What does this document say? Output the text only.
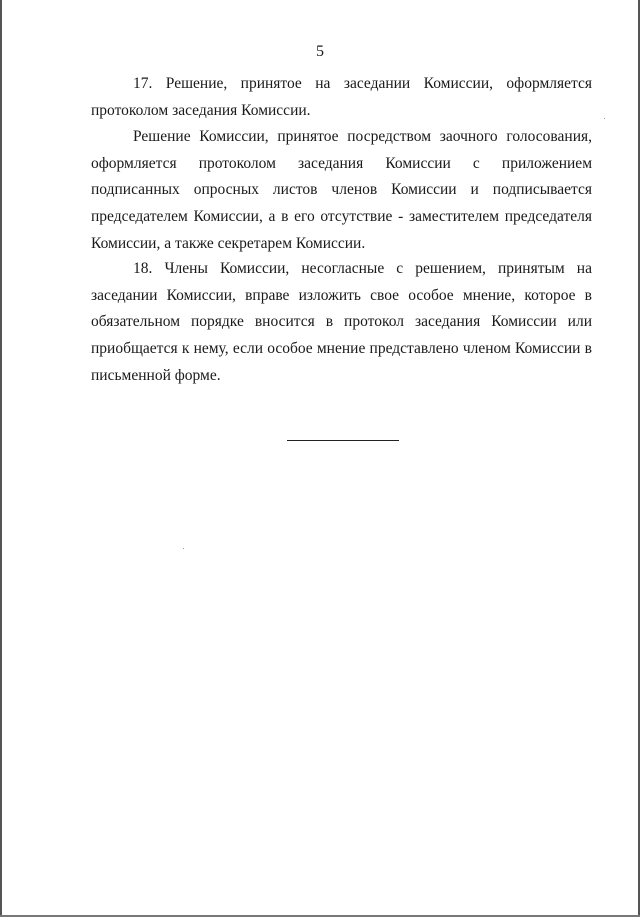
5

17. Решение, принятое на заседании Комиссии, оформляется протоколом заседания Комиссии.

Решение Комиссии, принятое посредством заочного голосования, оформляется протоколом заседания Комиссии с приложением подписанных опросных листов членов Комиссии и подписывается председателем Комиссии, а в его отсутствие - заместителем председателя Комиссии, а также секретарем Комиссии.

18. Члены Комиссии, несогласные с решением, принятым на заседании Комиссии, вправе изложить свое особое мнение, которое в обязательном порядке вносится в протокол заседания Комиссии или приобщается к нему, если особое мнение представлено членом Комиссии в письменной форме.
